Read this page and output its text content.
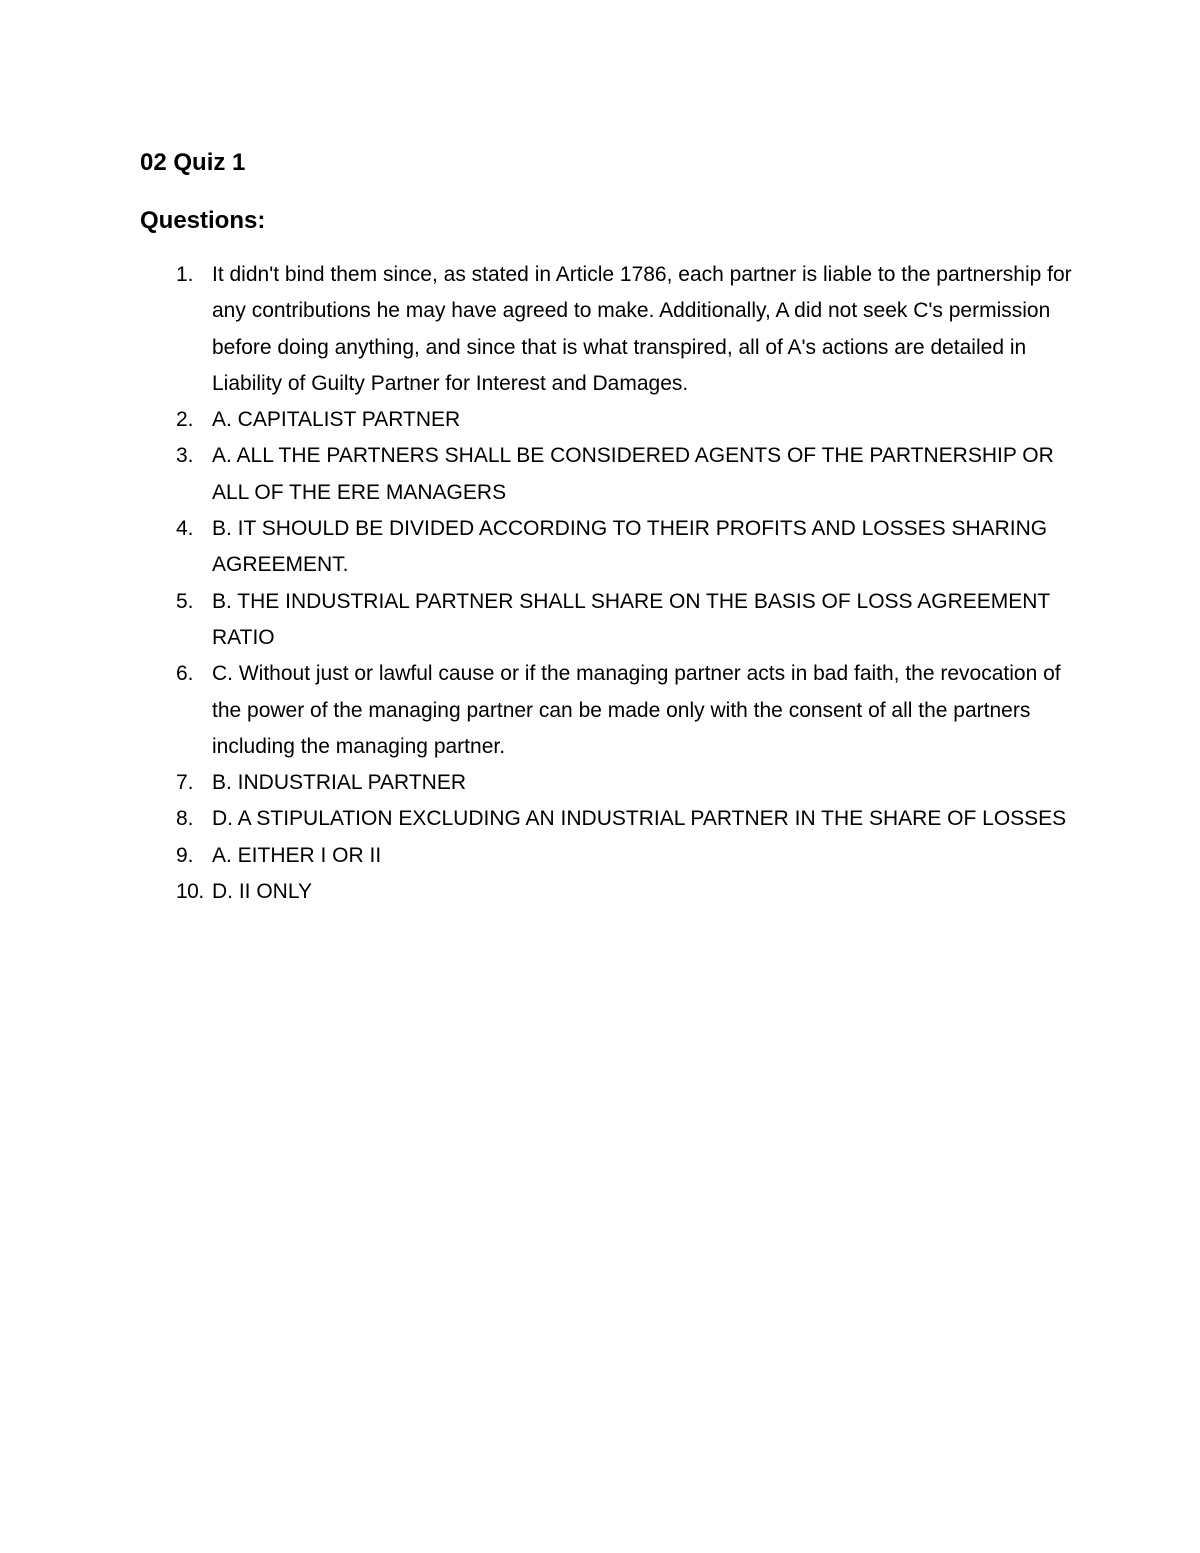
02 Quiz 1
Questions:
1. It didn't bind them since, as stated in Article 1786, each partner is liable to the partnership for any contributions he may have agreed to make. Additionally, A did not seek C's permission before doing anything, and since that is what transpired, all of A's actions are detailed in Liability of Guilty Partner for Interest and Damages.
2. A. CAPITALIST PARTNER
3. A. ALL THE PARTNERS SHALL BE CONSIDERED AGENTS OF THE PARTNERSHIP OR ALL OF THE ERE MANAGERS
4. B. IT SHOULD BE DIVIDED ACCORDING TO THEIR PROFITS AND LOSSES SHARING AGREEMENT.
5. B. THE INDUSTRIAL PARTNER SHALL SHARE ON THE BASIS OF LOSS AGREEMENT RATIO
6. C. Without just or lawful cause or if the managing partner acts in bad faith, the revocation of the power of the managing partner can be made only with the consent of all the partners including the managing partner.
7. B. INDUSTRIAL PARTNER
8. D. A STIPULATION EXCLUDING AN INDUSTRIAL PARTNER IN THE SHARE OF LOSSES
9. A. EITHER I OR II
10. D. II ONLY
